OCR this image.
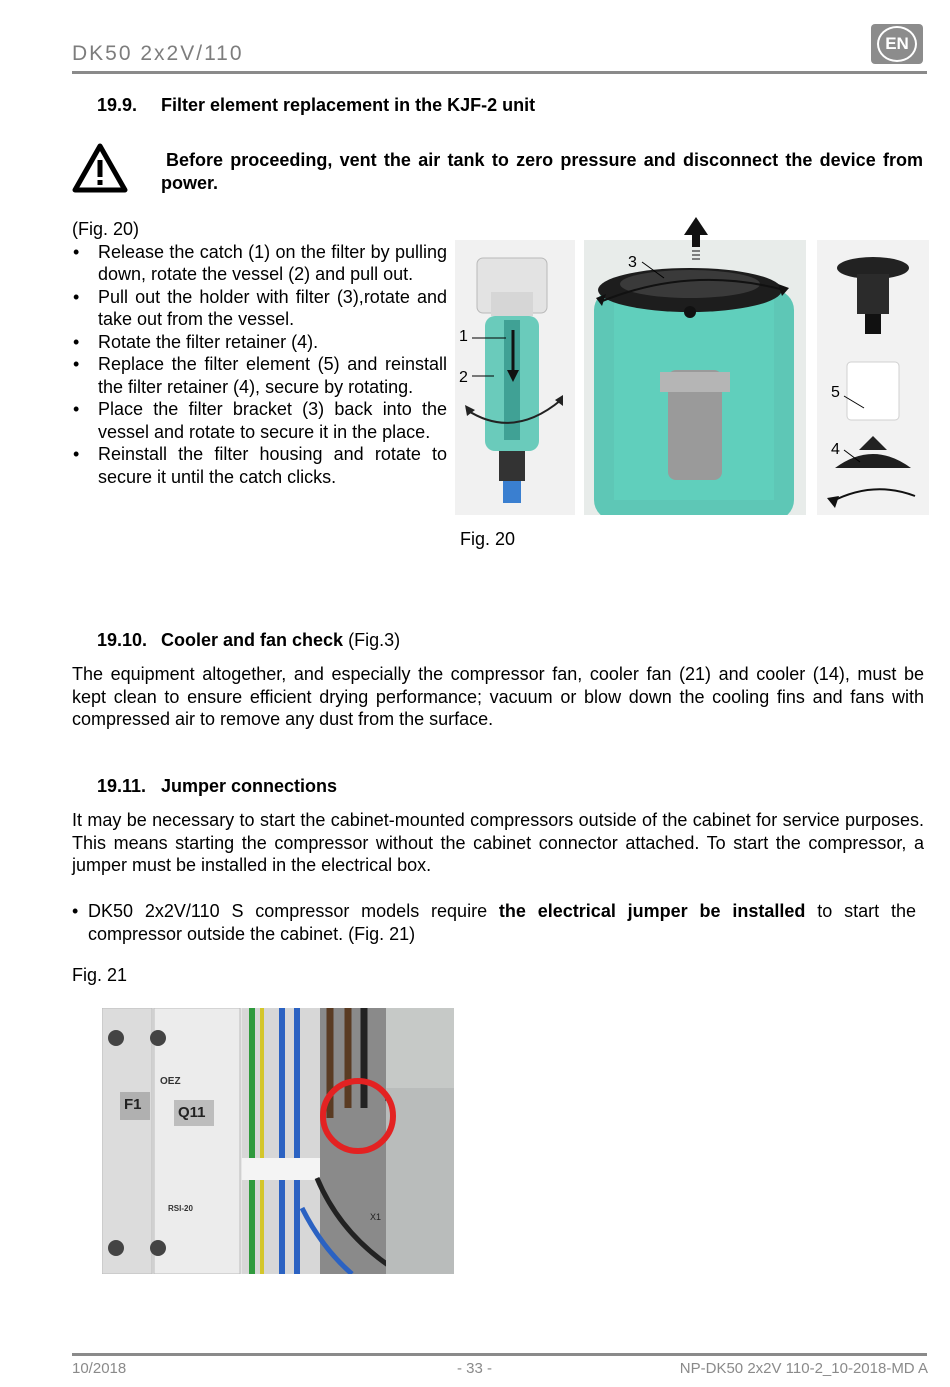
DK50 2x2V/110	EN
19.9. Filter element replacement in the KJF-2 unit
Before proceeding, vent the air tank to zero pressure and disconnect the device from power.
(Fig. 20)
• Release the catch (1) on the filter by pulling down, rotate the vessel (2) and pull out.
• Pull out the holder with filter (3),rotate and take out from the vessel.
• Rotate the filter retainer (4).
• Replace the filter element (5) and reinstall the filter retainer (4), secure by rotating.
• Place the filter bracket (3) back into the vessel and rotate to secure it in the place.
• Reinstall the filter housing and rotate to secure it until the catch clicks.
1
2
3
5
4
Fig. 20
19.10. Cooler and fan check (Fig.3)
The equipment altogether, and especially the compressor fan, cooler fan (21) and cooler (14), must be kept clean to ensure efficient drying performance; vacuum or blow down the cooling fins and fans with compressed air to remove any dust from the surface.
19.11. Jumper connections
It may be necessary to start the cabinet-mounted compressors outside of the cabinet for service purposes. This means starting the compressor without the cabinet connector attached. To start the compressor, a jumper must be installed in the electrical box.
• DK50 2x2V/110 S compressor models require the electrical jumper be installed to start the compressor outside the cabinet. (Fig. 21)
Fig. 21
OEZ
F1 Q11
RSI-20
X1
10/2018	- 33 -	NP-DK50 2x2V 110-2_10-2018-MD A
